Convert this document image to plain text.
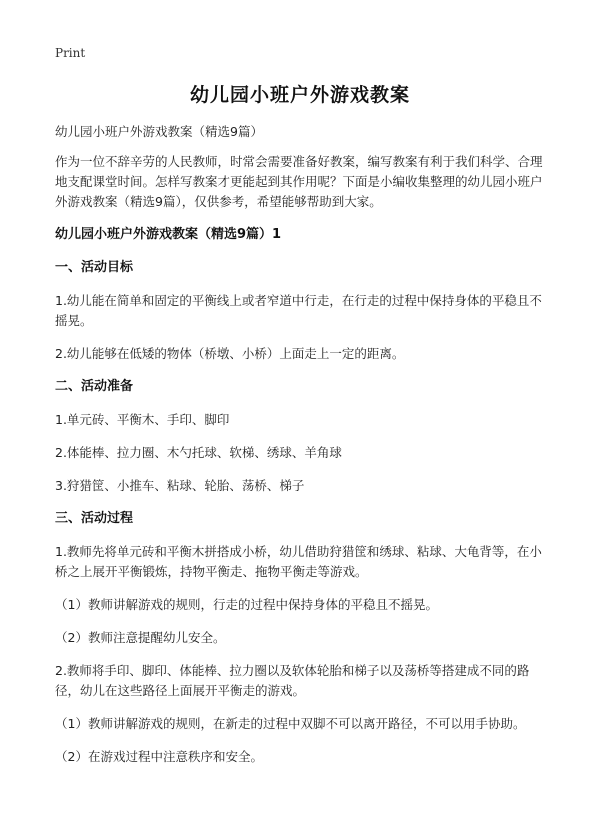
Print
幼儿园小班户外游戏教案

幼儿园小班户外游戏教案（精选9篇）

作为一位不辞辛劳的人民教师，时常会需要准备好教案，编写教案有利于我们科学、合理地支配课堂时间。怎样写教案才更能起到其作用呢？下面是小编收集整理的幼儿园小班户外游戏教案（精选9篇），仅供参考，希望能够帮助到大家。

幼儿园小班户外游戏教案（精选9篇）1

一、活动目标

1.幼儿能在简单和固定的平衡线上或者窄道中行走，在行走的过程中保持身体的平稳且不摇晃。

2.幼儿能够在低矮的物体（桥墩、小桥）上面走上一定的距离。

二、活动准备

1.单元砖、平衡木、手印、脚印

2.体能棒、拉力圈、木勺托球、软梯、绣球、羊角球

3.狩猎筐、小推车、粘球、轮胎、荡桥、梯子

三、活动过程

1.教师先将单元砖和平衡木拼搭成小桥，幼儿借助狩猎筐和绣球、粘球、大龟背等，在小桥之上展开平衡锻炼，持物平衡走、拖物平衡走等游戏。

（1）教师讲解游戏的规则，行走的过程中保持身体的平稳且不摇晃。

（2）教师注意提醒幼儿安全。

2.教师将手印、脚印、体能棒、拉力圈以及软体轮胎和梯子以及荡桥等搭建成不同的路径，幼儿在这些路径上面展开平衡走的游戏。

（1）教师讲解游戏的规则，在新走的过程中双脚不可以离开路径，不可以用手协助。

（2）在游戏过程中注意秩序和安全。
